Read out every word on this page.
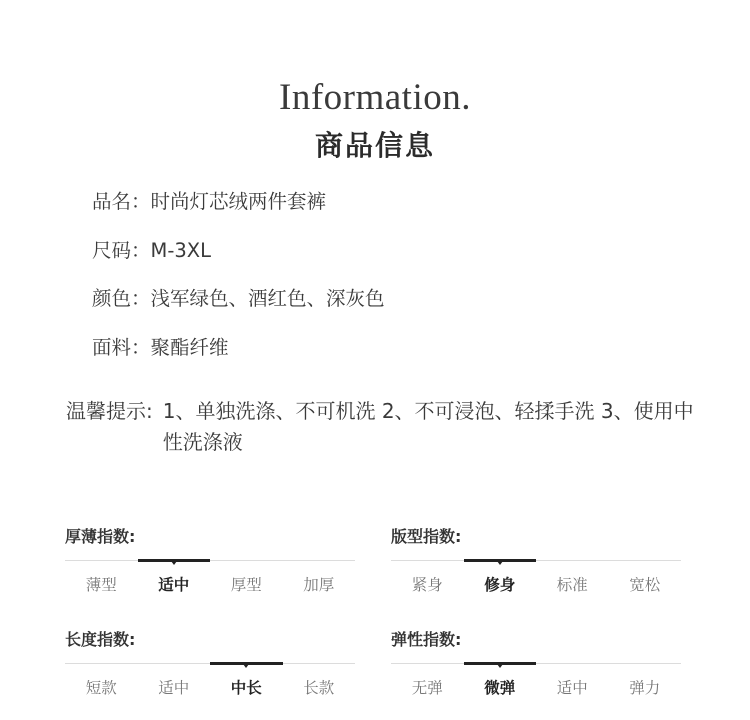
Information.
商品信息
品名：时尚灯芯绒两件套裤
尺码：M-3XL
颜色：浅军绿色、酒红色、深灰色
面料：聚酯纤维
温馨提示: 1、单独洗涤、不可机洗 2、不可浸泡、轻揉手洗 3、使用中性洗涤液
厚薄指数:
薄型	适中	厚型	加厚
版型指数:
紧身	修身	标准	宽松
长度指数:
短款	适中	中长	长款
弹性指数:
无弹	微弹	适中	弹力
